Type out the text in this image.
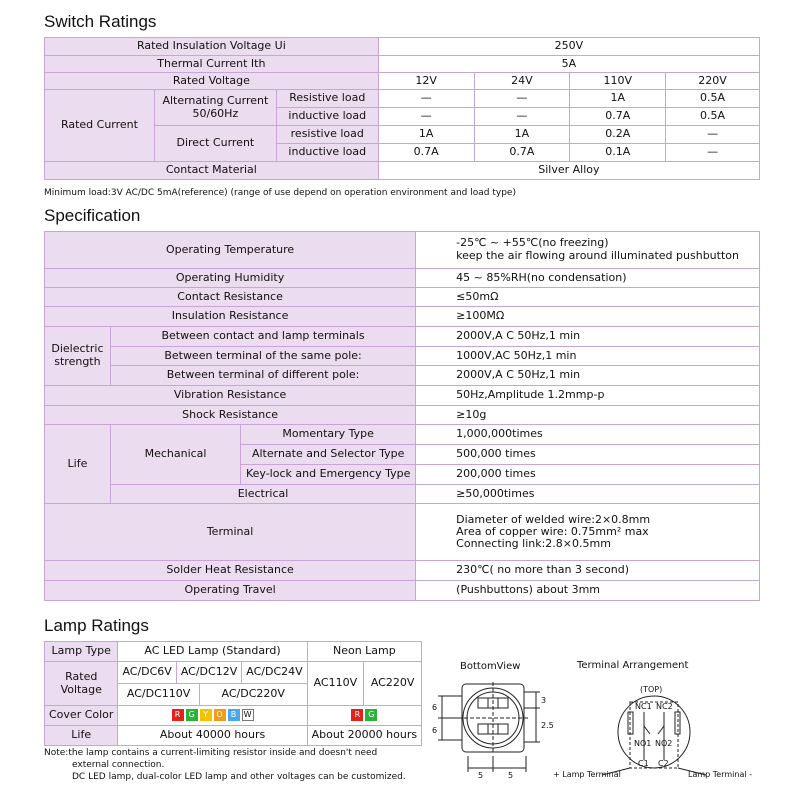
Switch Ratings
Rated Insulation Voltage Ui			250V			
Thermal Current Ith			5A			
Rated Voltage			12V	24V	110V	220V
Rated Current	Alternating Current 50/60Hz	Resistive load	—	—	1A	0.5A
		inductive load	—	—	0.7A	0.5A
	Direct Current	resistive load	1A	1A	0.2A	—
		inductive load	0.7A	0.7A	0.1A	—
Contact Material			Silver Alloy			
Minimum load:3V AC/DC 5mA(reference) (range of use depend on operation environment and load type)
Specification
Operating Temperature			-25℃ ~ +55℃(no freezing)
keep the air flowing around illuminated pushbutton

Operating Humidity			45 ~ 85%RH(no condensation)
Contact Resistance			≤50mΩ
Insulation Resistance			≥100MΩ
Dielectric strength	Between contact and lamp terminals		2000V,A C 50Hz,1 min
	Between terminal of the same pole:		1000V,AC 50Hz,1 min
	Between terminal of different pole:		2000V,A C 50Hz,1 min
Vibration Resistance			50Hz,Amplitude 1.2mmp-p
Shock Resistance			≥10g
Life	Mechanical	Momentary Type	1,000,000times
		Alternate and Selector Type	500,000 times
		Key-lock and Emergency Type	200,000 times
	Electrical		≥50,000times
Terminal			Diameter of welded wire:2×0.8mm
Area of copper wire: 0.75mm² max
Connecting link:2.8×0.5mm

Solder Heat Resistance			230℃( no more than 3 second)
Operating Travel			(Pushbuttons) about 3mm
Lamp Ratings
Lamp Type	AC LED Lamp (Standard)				Neon Lamp	
Rated Voltage	AC/DC6V	AC/DC12V		AC/DC24V	AC110V	AC220V
	AC/DC110V		AC/DC220V			
Cover Color	R G Y O B W				R G	
Life	About 40000 hours				About 20000 hours	
Note:the lamp contains a current-limiting resistor inside and doesn't need
external connection.
DC LED lamp, dual-color LED lamp and other voltages can be customized.
BottomView	Terminal Arrangement
6
6
3
2.5
5	5
(TOP)
NC1 NC2
NO1 NO2
C1 C2
+ Lamp Terminal	Lamp Terminal -
